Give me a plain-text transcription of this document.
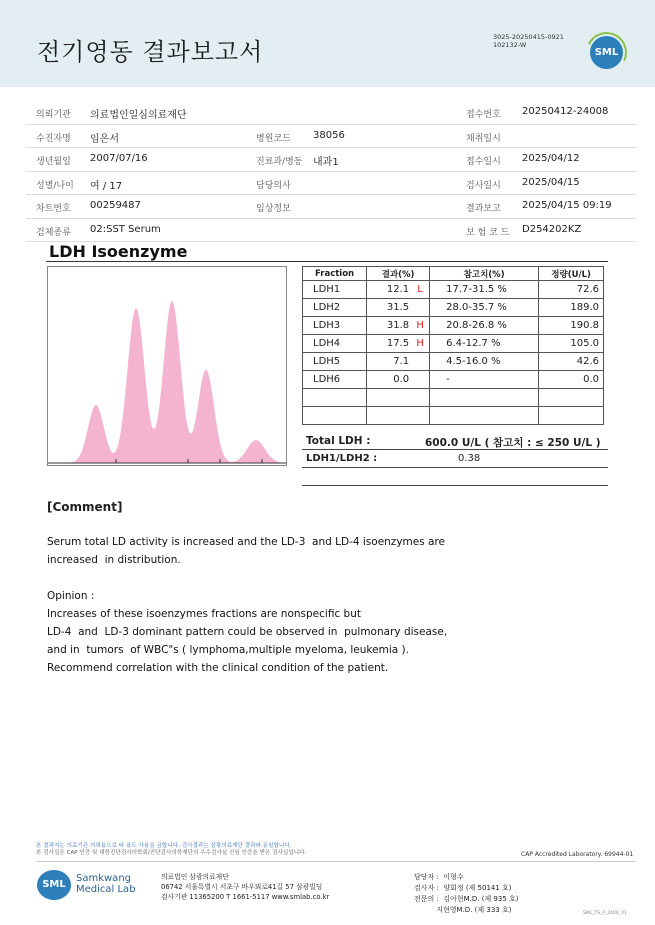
전기영동 결과보고서
3025-20250415-0921
102132-W
SML
의뢰기관 의료법인일심의료재단	접수번호 20250412-24008
수진자명 임은서	병원코드 38056	채취일시
생년월일 2007/07/16	진료과/병동 내과1	접수일시 2025/04/12
성별/나이 여 / 17	담당의사	검사일시 2025/04/15
차트번호 00259487	임상정보	결과보고 2025/04/15 09:19
검체종류 02:SST Serum	보 험 코 드 D254202KZ
LDH Isoenzyme
Fraction	결과(%)	참고치(%)	정량(U/L)
LDH1	12.1 L	17.7-31.5 %	72.6
LDH2	31.5	28.0-35.7 %	189.0
LDH3	31.8 H	20.8-26.8 %	190.8
LDH4	17.5 H	6.4-12.7 %	105.0
LDH5	7.1	4.5-16.0 %	42.6
LDH6	0.0	-	0.0

Total LDH :	600.0 U/L ( 참고치 : ≤ 250 U/L )
LDH1/LDH2 :	0.38
[Comment]
Serum total LD activity is increased and the LD-3  and LD-4 isoenzymes are
increased  in distribution.

Opinion :
Increases of these isoenzymes fractions are nonspecific but
LD-4  and  LD-3 dominant pattern could be observed in  pulmonary disease,
and in  tumors  of WBC"s ( lymphoma,multiple myeloma, leukemia ).
Recommend correlation with the clinical condition of the patient.
본 결과지는 의료기관 의뢰용으로 타 용도 사용을 금합니다. 검사결과는 삼광의료재단 결과와 동일합니다.
본 검사실은 CAP 인증 및 대한진단검사의학회/진단검사의학재단의 우수검사실 신임 인증을 받은 검사실입니다.	CAP Accredited Laboratory. 69944-01
SML
Samkwang
Medical Lab
의료법인 삼광의료재단
06742 서울특별시 서초구 바우뫼로41길 57 삼광빌딩
검사기관 11365200 T 1661-5117 www.smlab.co.kr
담당자 :  이형수
검사자 :  양회정 (제 50141 호)
전문의 :  김아현M.D. (제 935 호)
지현영M.D. (제 333 호)	SML_TS_P_2406_V1
